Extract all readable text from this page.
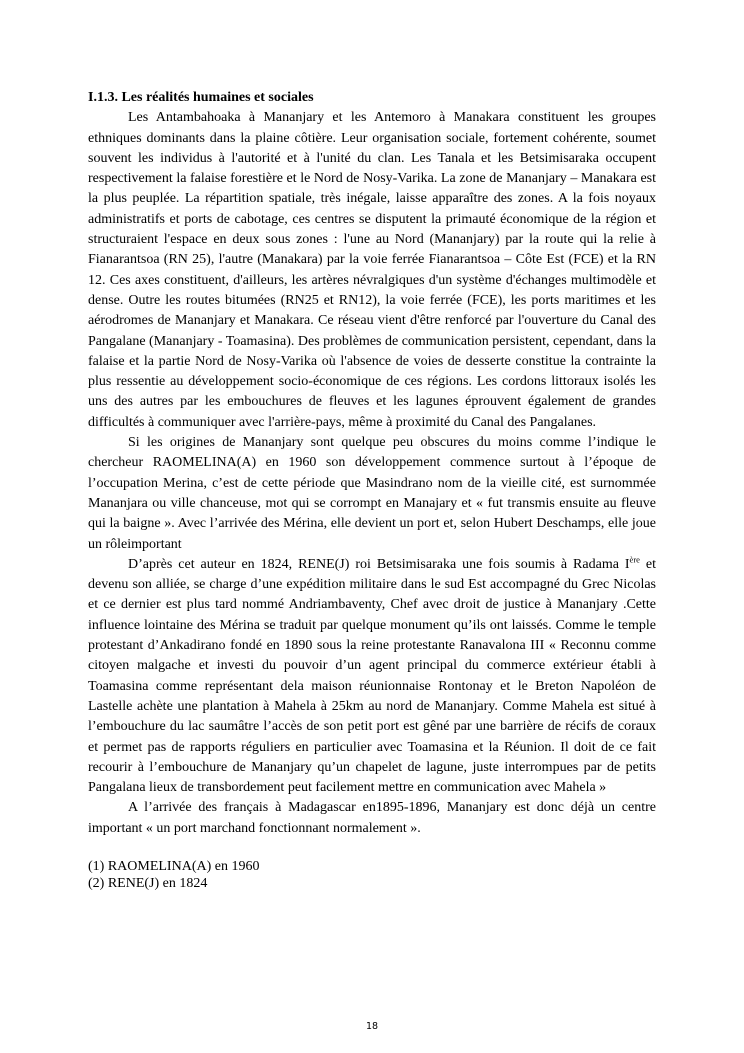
I.1.3. Les réalités humaines et sociales

Les Antambahoaka à Mananjary et les Antemoro à Manakara constituent les groupes ethniques dominants dans la plaine côtière. Leur organisation sociale, fortement cohérente, soumet souvent les individus à l'autorité et à l'unité du clan. Les Tanala et les Betsimisaraka occupent respectivement la falaise forestière et le Nord de Nosy-Varika. La zone de Mananjary – Manakara est la plus peuplée. La répartition spatiale, très inégale, laisse apparaître des zones. A la fois noyaux administratifs et ports de cabotage, ces centres se disputent la primauté économique de la région et structuraient l'espace en deux sous zones : l'une au Nord (Mananjary) par la route qui la relie à Fianarantsoa (RN 25), l'autre (Manakara) par la voie ferrée Fianarantsoa – Côte Est (FCE) et la RN 12. Ces axes constituent, d'ailleurs, les artères névralgiques d'un système d'échanges multimodèle et dense. Outre les routes bitumées (RN25 et RN12), la voie ferrée (FCE), les ports maritimes et les aérodromes de Mananjary et Manakara. Ce réseau vient d'être renforcé par l'ouverture du Canal des Pangalane (Mananjary - Toamasina). Des problèmes de communication persistent, cependant, dans la falaise et la partie Nord de Nosy-Varika où l'absence de voies de desserte constitue la contrainte la plus ressentie au développement socio-économique de ces régions. Les cordons littoraux isolés les uns des autres par les embouchures de fleuves et les lagunes éprouvent également de grandes difficultés à communiquer avec l'arrière-pays, même à proximité du Canal des Pangalanes.

Si les origines de Mananjary sont quelque peu obscures du moins comme l’indique le chercheur RAOMELINA(A) en 1960 son développement commence surtout à l’époque de l’occupation Merina, c’est de cette période que Masindrano nom de la vieille cité, est surnommée Mananjara ou ville chanceuse, mot qui se corrompt en Manajary et « fut transmis ensuite au fleuve qui la baigne ». Avec l’arrivée des Mérina, elle devient un port et, selon Hubert Deschamps, elle joue un rôleimportant

D’après cet auteur en 1824, RENE(J) roi Betsimisaraka une fois soumis à Radama Ière et devenu son alliée, se charge d’une expédition militaire dans le sud Est accompagné du Grec Nicolas et ce dernier est plus tard nommé Andriambaventy, Chef avec droit de justice à Mananjary .Cette influence lointaine des Mérina se traduit par quelque monument qu’ils ont laissés. Comme le temple protestant d’Ankadirano fondé en 1890 sous la reine protestante Ranavalona III « Reconnu comme citoyen malgache et investi du pouvoir d’un agent principal du commerce extérieur établi à Toamasina comme représentant dela maison réunionnaise Rontonay et le Breton Napoléon de Lastelle achète une plantation à Mahela à 25km au nord de Mananjary. Comme Mahela est situé à l’embouchure du lac saumâtre l’accès de son petit port est gêné par une barrière de récifs de coraux et permet pas de rapports réguliers en particulier avec Toamasina et la Réunion. Il doit de ce fait recourir à l’embouchure de Mananjary qu’un chapelet de lagune, juste interrompues par de petits Pangalana lieux de transbordement peut facilement mettre en communication avec Mahela »

A l’arrivée des français à Madagascar en1895-1896, Mananjary est donc déjà un centre important « un port marchand fonctionnant normalement ».

(1) RAOMELINA(A) en 1960

(2) RENE(J) en 1824

18
